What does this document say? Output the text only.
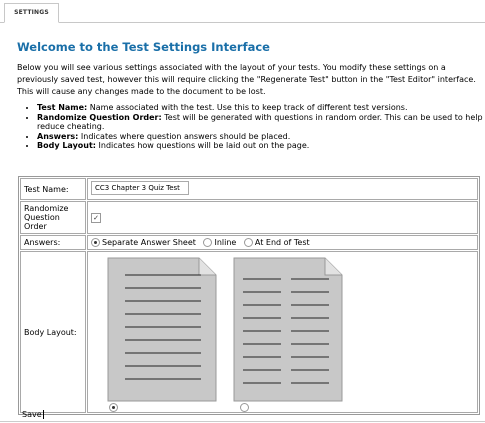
SETTINGS
Welcome to the Test Settings Interface

Below you will see various settings associated with the layout of your tests. You modify these settings on a previously saved test, however this will require clicking the "Regenerate Test" button in the "Test Editor" interface. This will cause any changes made to the document to be lost.

• Test Name: Name associated with the test. Use this to keep track of different test versions.
• Randomize Question Order: Test will be generated with questions in random order. This can be used to help reduce cheating.
• Answers: Indicates where question answers should be placed.
• Body Layout: Indicates how questions will be laid out on the page.
Test Name:	CC3 Chapter 3 Quiz Test
Randomize Question Order	✓
Answers:	Separate Answer Sheet Inline At End of Test
Body Layout:	
Save
